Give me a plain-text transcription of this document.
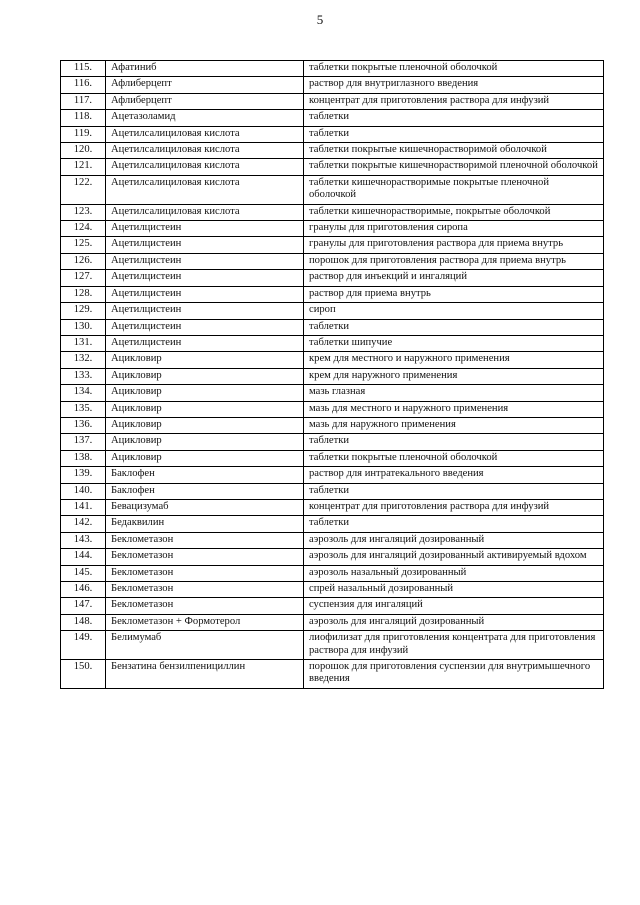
5
115.	Афатиниб	таблетки покрытые пленочной оболочкой
116.	Афлиберцепт	раствор для внутриглазного введения
117.	Афлиберцепт	концентрат для приготовления раствора для инфузий
118.	Ацетазоламид	таблетки
119.	Ацетилсалициловая кислота	таблетки
120.	Ацетилсалициловая кислота	таблетки покрытые кишечнорастворимой оболочкой
121.	Ацетилсалициловая кислота	таблетки покрытые кишечнорастворимой пленочной оболочкой
122.	Ацетилсалициловая кислота	таблетки кишечнорастворимые покрытые пленочной оболочкой
123.	Ацетилсалициловая кислота	таблетки кишечнорастворимые, покрытые оболочкой
124.	Ацетилцистеин	гранулы для приготовления сиропа
125.	Ацетилцистеин	гранулы для приготовления раствора для приема внутрь
126.	Ацетилцистеин	порошок для приготовления раствора для приема внутрь
127.	Ацетилцистеин	раствор для инъекций и ингаляций
128.	Ацетилцистеин	раствор для приема внутрь
129.	Ацетилцистеин	сироп
130.	Ацетилцистеин	таблетки
131.	Ацетилцистеин	таблетки шипучие
132.	Ацикловир	крем для местного и наружного применения
133.	Ацикловир	крем для наружного применения
134.	Ацикловир	мазь глазная
135.	Ацикловир	мазь для местного и наружного применения
136.	Ацикловир	мазь для наружного применения
137.	Ацикловир	таблетки
138.	Ацикловир	таблетки покрытые пленочной оболочкой
139.	Баклофен	раствор для интратекального введения
140.	Баклофен	таблетки
141.	Бевацизумаб	концентрат для приготовления раствора для инфузий
142.	Бедаквилин	таблетки
143.	Беклометазон	аэрозоль для ингаляций дозированный
144.	Беклометазон	аэрозоль для ингаляций дозированный активируемый вдохом
145.	Беклометазон	аэрозоль назальный дозированный
146.	Беклометазон	спрей назальный дозированный
147.	Беклометазон	суспензия для ингаляций
148.	Беклометазон + Формотерол	аэрозоль для ингаляций дозированный
149.	Белимумаб	лиофилизат для приготовления концентрата для приготовления раствора для инфузий
150.	Бензатина бензилпенициллин	порошок для приготовления суспензии для внутримышечного введения
